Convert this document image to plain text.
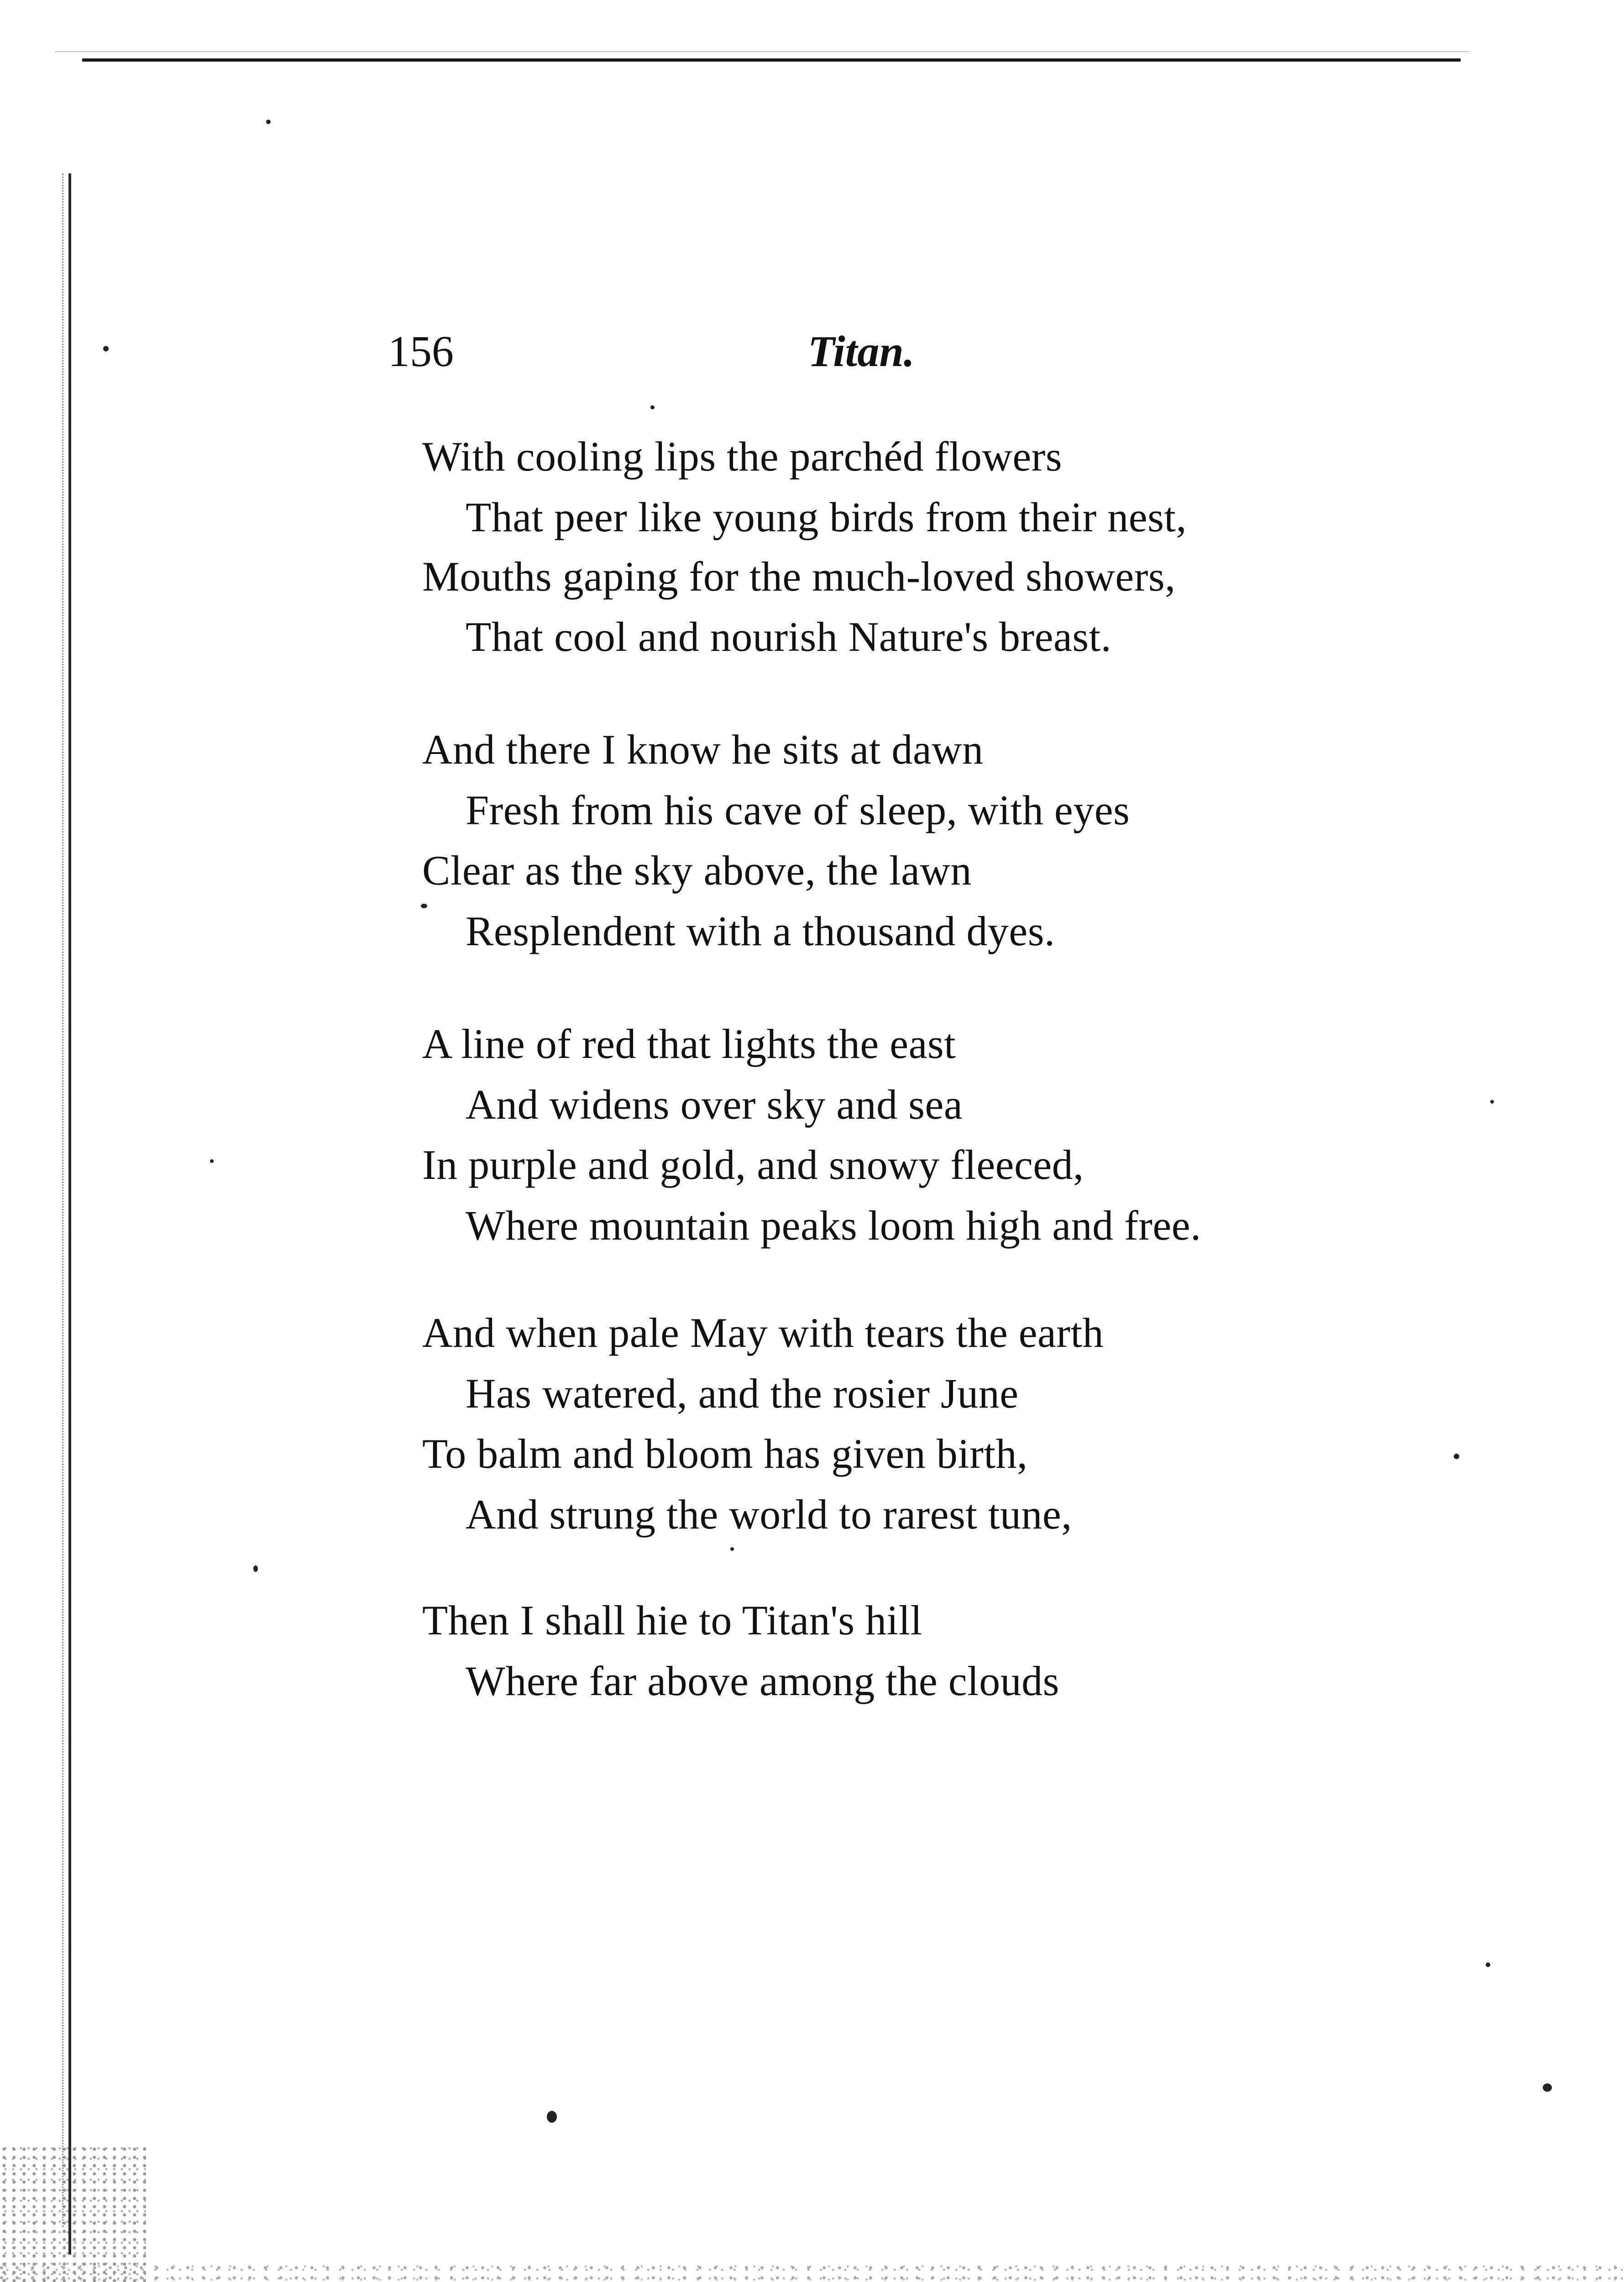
156	Titan.
With cooling lips the parchéd flowers
That peer like young birds from their nest,
Mouths gaping for the much-loved showers,
That cool and nourish Nature's breast.
And there I know he sits at dawn
Fresh from his cave of sleep, with eyes
Clear as the sky above, the lawn
Resplendent with a thousand dyes.
A line of red that lights the east
And widens over sky and sea
In purple and gold, and snowy fleeced,
Where mountain peaks loom high and free.
And when pale May with tears the earth
Has watered, and the rosier June
To balm and bloom has given birth,
And strung the world to rarest tune,
Then I shall hie to Titan's hill
Where far above among the clouds
